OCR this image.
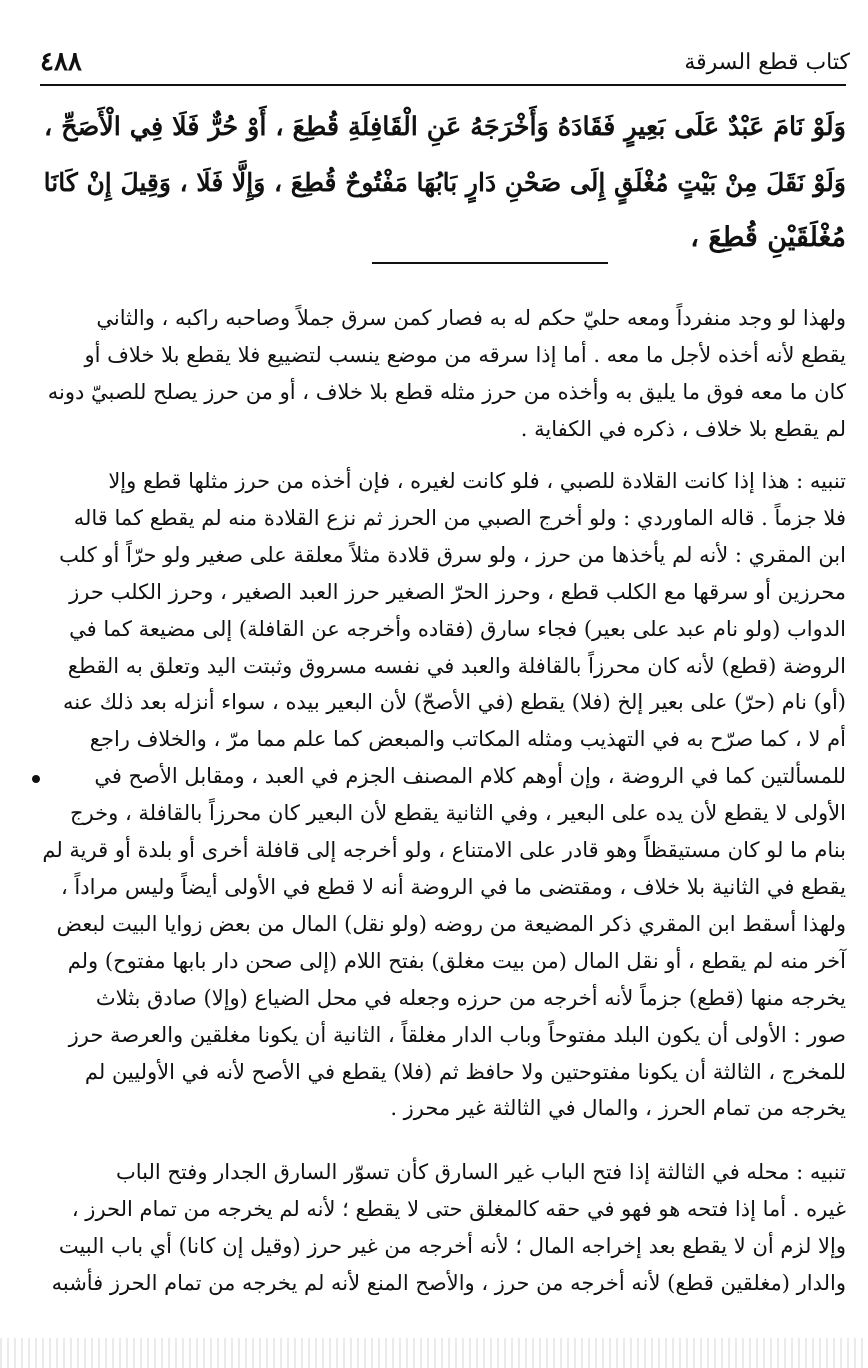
٤٨٨	كتاب قطع السرقة
وَلَوْ نَامَ عَبْدٌ عَلَى بَعِيرٍ فَقَادَهُ وَأَخْرَجَهُ عَنِ الْقَافِلَةِ قُطِعَ ، أَوْ حُرٌّ فَلَا فِي الْأَصَحِّ ،
وَلَوْ نَقَلَ مِنْ بَيْتٍ مُغْلَقٍ إِلَى صَحْنِ دَارٍ بَابُهَا مَفْتُوحٌ قُطِعَ ، وَإِلَّا فَلَا ، وَقِيلَ إِنْ كَانَا
مُغْلَقَيْنِ قُطِعَ ،
ولهذا لو وجد منفرداً ومعه حليّ حكم له به فصار كمن سرق جملاً وصاحبه راكبه ، والثاني
يقطع لأنه أخذه لأجل ما معه . أما إذا سرقه من موضع ينسب لتضييع فلا يقطع بلا خلاف أو
كان ما معه فوق ما يليق به وأخذه من حرز مثله قطع بلا خلاف ، أو من حرز يصلح للصبيّ دونه
لم يقطع بلا خلاف ، ذكره في الكفاية .
تنبيه : هذا إذا كانت القلادة للصبي ، فلو كانت لغيره ، فإن أخذه من حرز مثلها قطع وإلا
فلا جزماً . قاله الماوردي : ولو أخرج الصبي من الحرز ثم نزع القلادة منه لم يقطع كما قاله
ابن المقري : لأنه لم يأخذها من حرز ، ولو سرق قلادة مثلاً معلقة على صغير ولو حرّاً أو كلب
محرزين أو سرقها مع الكلب قطع ، وحرز الحرّ الصغير حرز العبد الصغير ، وحرز الكلب حرز
الدواب (ولو نام عبد على بعير) فجاء سارق (فقاده وأخرجه عن القافلة) إلى مضيعة كما في
الروضة (قطع) لأنه كان محرزاً بالقافلة والعبد في نفسه مسروق وثبتت اليد وتعلق به القطع
(أو) نام (حرّ) على بعير إلخ (فلا) يقطع (في الأصحّ) لأن البعير بيده ، سواء أنزله بعد ذلك عنه
أم لا ، كما صرّح به في التهذيب ومثله المكاتب والمبعض كما علم مما مرّ ، والخلاف راجع
للمسألتين كما في الروضة ، وإن أوهم كلام المصنف الجزم في العبد ، ومقابل الأصح في
الأولى لا يقطع لأن يده على البعير ، وفي الثانية يقطع لأن البعير كان محرزاً بالقافلة ، وخرج
بنام ما لو كان مستيقظاً وهو قادر على الامتناع ، ولو أخرجه إلى قافلة أخرى أو بلدة أو قرية لم
يقطع في الثانية بلا خلاف ، ومقتضى ما في الروضة أنه لا قطع في الأولى أيضاً وليس مراداً ،
ولهذا أسقط ابن المقري ذكر المضيعة من روضه (ولو نقل) المال من بعض زوايا البيت لبعض
آخر منه لم يقطع ، أو نقل المال (من بيت مغلق) بفتح اللام (إلى صحن دار بابها مفتوح) ولم
يخرجه منها (قطع) جزماً لأنه أخرجه من حرزه وجعله في محل الضياع (وإلا) صادق بثلاث
صور : الأولى أن يكون البلد مفتوحاً وباب الدار مغلقاً ، الثانية أن يكونا مغلقين والعرصة حرز
للمخرج ، الثالثة أن يكونا مفتوحتين ولا حافظ ثم (فلا) يقطع في الأصح لأنه في الأوليين لم
يخرجه من تمام الحرز ، والمال في الثالثة غير محرز .
تنبيه : محله في الثالثة إذا فتح الباب غير السارق كأن تسوّر السارق الجدار وفتح الباب
غيره . أما إذا فتحه هو فهو في حقه كالمغلق حتى لا يقطع ؛ لأنه لم يخرجه من تمام الحرز ،
وإلا لزم أن لا يقطع بعد إخراجه المال ؛ لأنه أخرجه من غير حرز (وقيل إن كانا) أي باب البيت
والدار (مغلقين قطع) لأنه أخرجه من حرز ، والأصح المنع لأنه لم يخرجه من تمام الحرز فأشبه
